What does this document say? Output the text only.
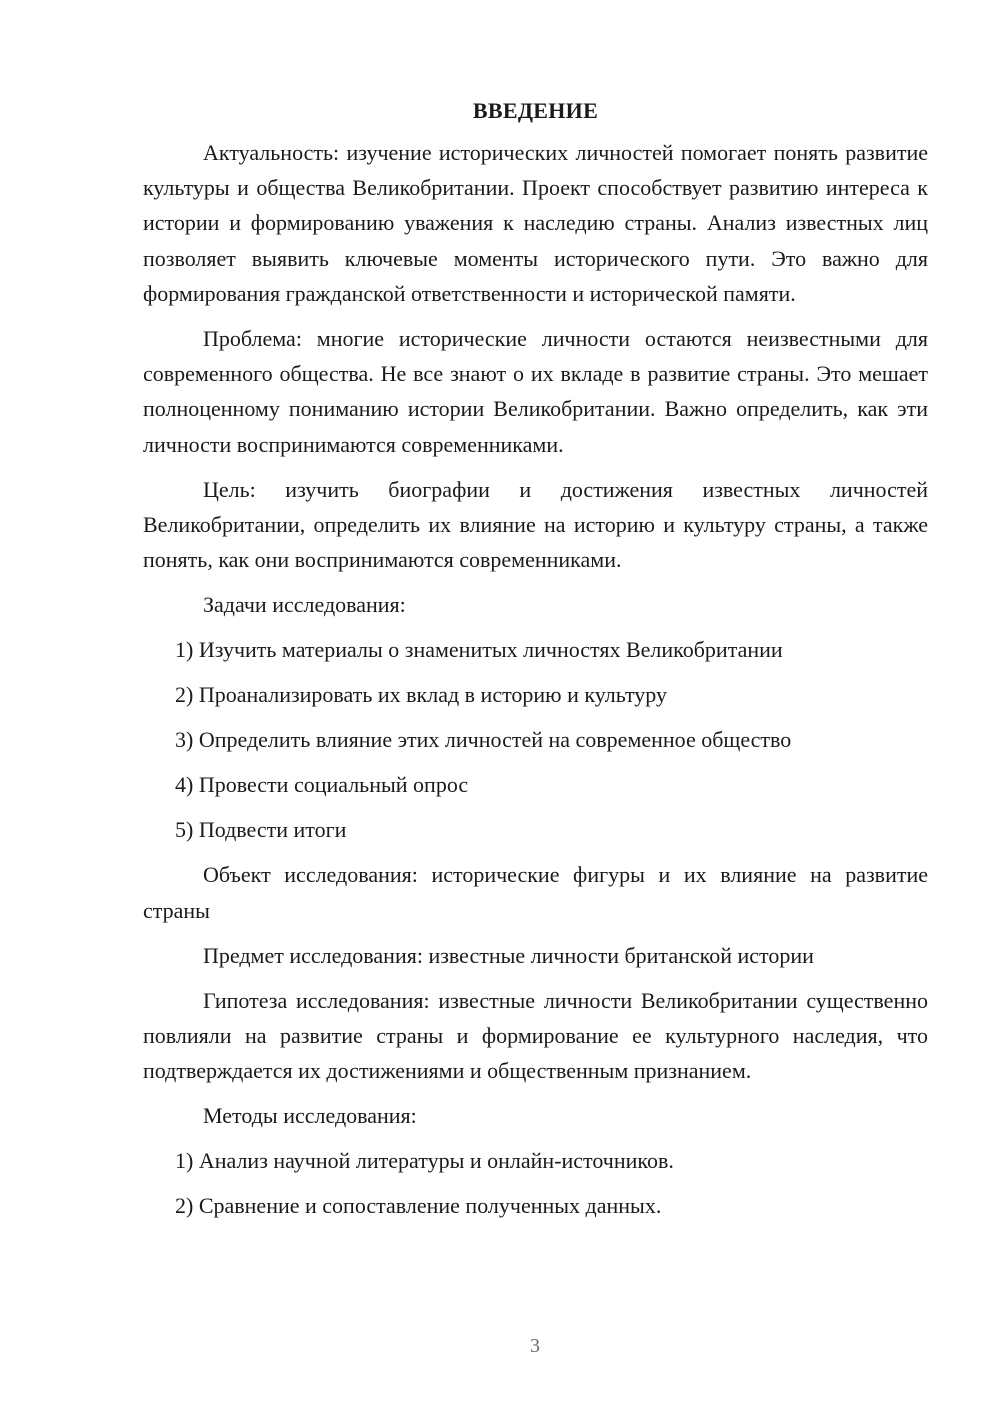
ВВЕДЕНИЕ

Актуальность: изучение исторических личностей помогает понять развитие культуры и общества Великобритании. Проект способствует развитию интереса к истории и формированию уважения к наследию страны. Анализ известных лиц позволяет выявить ключевые моменты исторического пути. Это важно для формирования гражданской ответственности и исторической памяти.

Проблема: многие исторические личности остаются неизвестными для современного общества. Не все знают о их вкладе в развитие страны. Это мешает полноценному пониманию истории Великобритании. Важно определить, как эти личности воспринимаются современниками.

Цель: изучить биографии и достижения известных личностей Великобритании, определить их влияние на историю и культуру страны, а также понять, как они воспринимаются современниками.

Задачи исследования:

1) Изучить материалы о знаменитых личностях Великобритании

2) Проанализировать их вклад в историю и культуру

3) Определить влияние этих личностей на современное общество

4) Провести социальный опрос

5) Подвести итоги

Объект исследования: исторические фигуры и их влияние на развитие страны

Предмет исследования: известные личности британской истории

Гипотеза исследования: известные личности Великобритании существенно повлияли на развитие страны и формирование ее культурного наследия, что подтверждается их достижениями и общественным признанием.

Методы исследования:

1) Анализ научной литературы и онлайн-источников.

2) Сравнение и сопоставление полученных данных.

3
